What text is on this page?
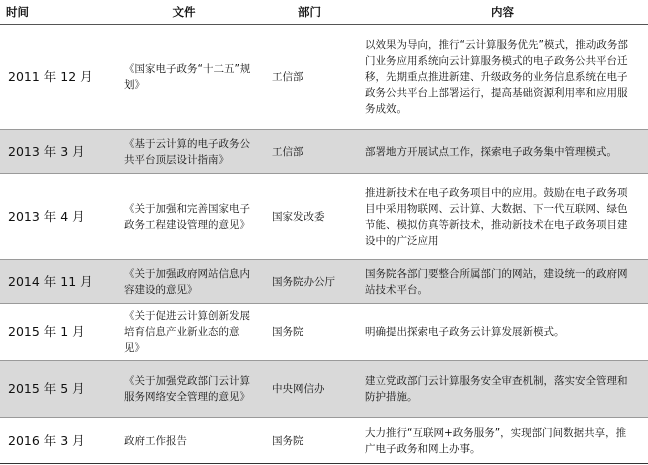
时间	文件	部门	内容
2011 年 12 月	《国家电子政务“十二五”规划》	工信部	以效果为导向，推行“云计算服务优先”模式，推动政务部门业务应用系统向云计算服务模式的电子政务公共平台迁移，先期重点推进新建、升级政务的业务信息系统在电子政务公共平台上部署运行，提高基础资源利用率和应用服务成效。
2013 年 3 月	《基于云计算的电子政务公共平台顶层设计指南》	工信部	部署地方开展试点工作，探索电子政务集中管理模式。
2013 年 4 月	《关于加强和完善国家电子政务工程建设管理的意见》	国家发改委	推进新技术在电子政务项目中的应用。鼓励在电子政务项目中采用物联网、云计算、大数据、下一代互联网、绿色节能、模拟仿真等新技术，推动新技术在电子政务项目建设中的广泛应用
2014 年 11 月	《关于加强政府网站信息内容建设的意见》	国务院办公厅	国务院各部门要整合所属部门的网站，建设统一的政府网站技术平台。
2015 年 1 月	《关于促进云计算创新发展培育信息产业新业态的意见》	国务院	明确提出探索电子政务云计算发展新模式。
2015 年 5 月	《关于加强党政部门云计算服务网络安全管理的意见》	中央网信办	建立党政部门云计算服务安全审查机制，落实安全管理和防护措施。
2016 年 3 月	政府工作报告	国务院	大力推行“互联网+政务服务”，实现部门间数据共享，推广电子政务和网上办事。
